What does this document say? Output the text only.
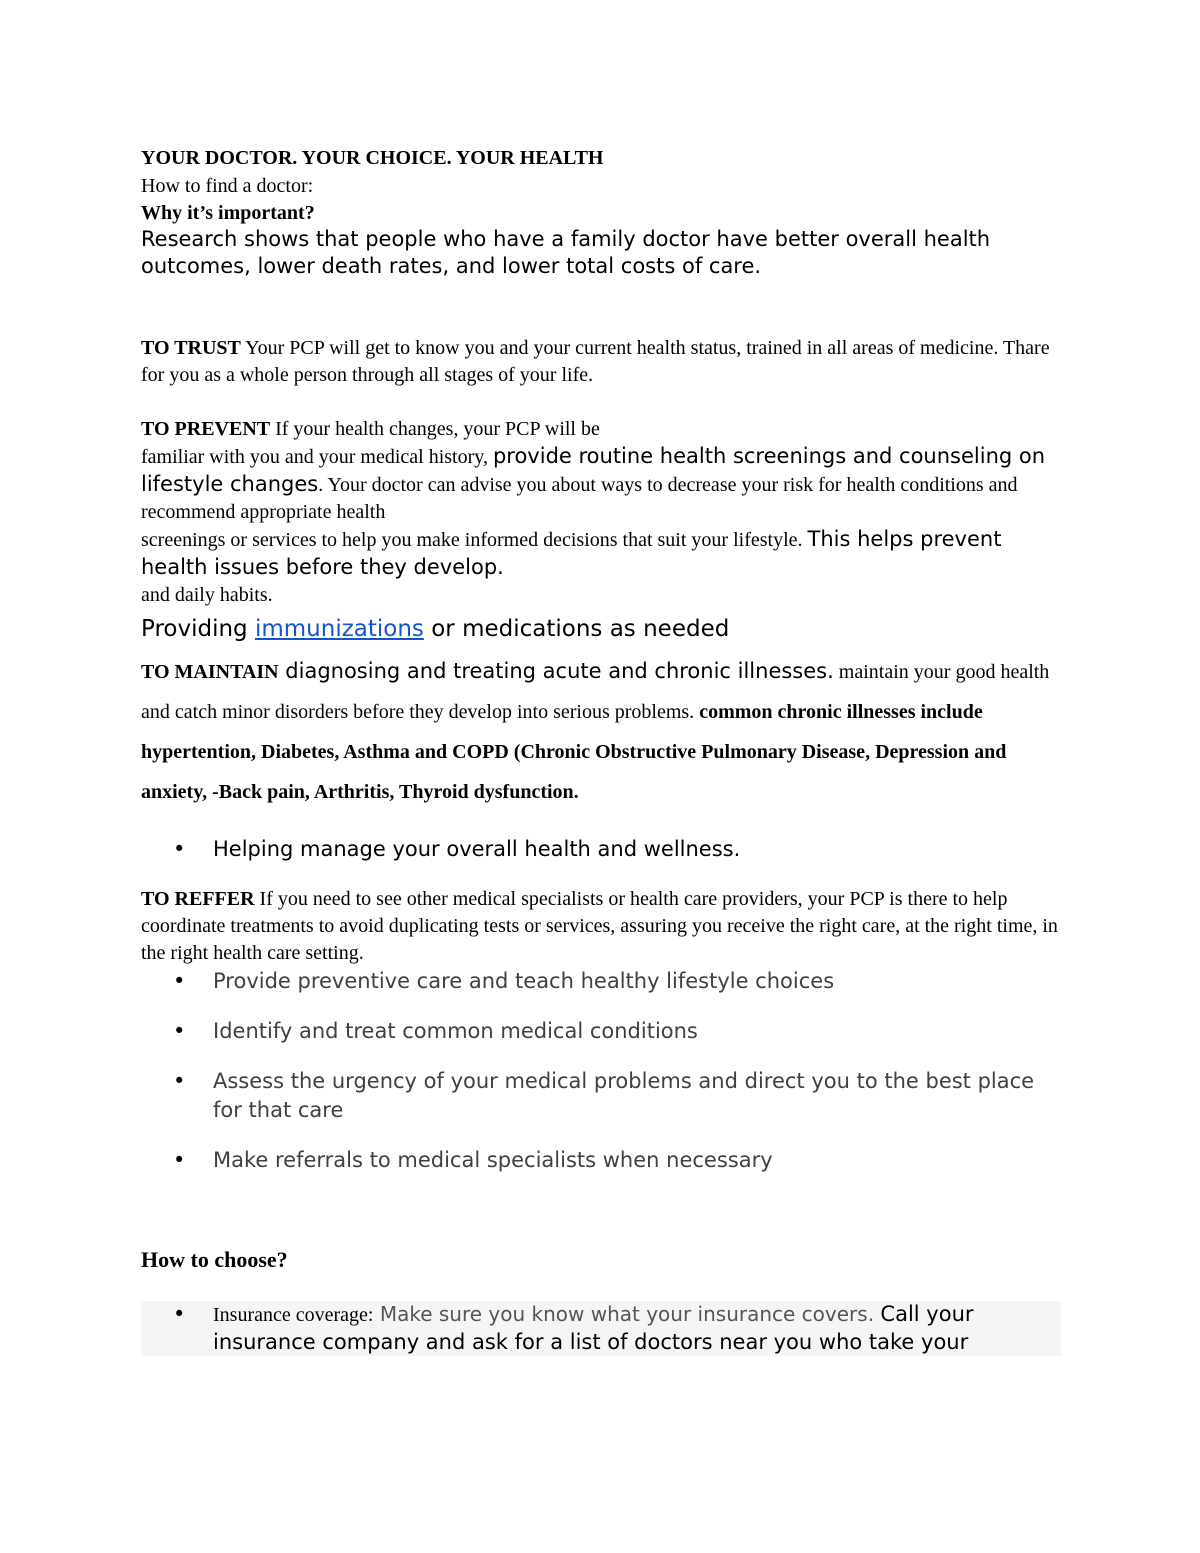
YOUR DOCTOR. YOUR CHOICE. YOUR HEALTH

How to find a doctor:

Why it’s important?

Research shows that people who have a family doctor have better overall health outcomes, lower death rates, and lower total costs of care.

TO TRUST Your PCP will get to know you and your current health status, trained in all areas of medicine. Thare for you as a whole person through all stages of your life.

TO PREVENT If your health changes, your PCP will be
familiar with you and your medical history, provide routine health screenings and counseling on lifestyle changes. Your doctor can advise you about ways to decrease your risk for health conditions and recommend appropriate health
screenings or services to help you make informed decisions that suit your lifestyle. This helps prevent health issues before they develop.
and daily habits.

Providing immunizations or medications as needed

TO MAINTAIN diagnosing and treating acute and chronic illnesses. maintain your good health and catch minor disorders before they develop into serious problems. common chronic illnesses include hypertention, Diabetes, Asthma and COPD (Chronic Obstructive Pulmonary Disease, Depression and anxiety, -Back pain, Arthritis, Thyroid dysfunction.

• Helping manage your overall health and wellness.

TO REFFER If you need to see other medical specialists or health care providers, your PCP is there to help coordinate treatments to avoid duplicating tests or services, assuring you receive the right care, at the right time, in the right health care setting.

• Provide preventive care and teach healthy lifestyle choices
• Identify and treat common medical conditions
• Assess the urgency of your medical problems and direct you to the best place for that care
• Make referrals to medical specialists when necessary

How to choose?

• Insurance coverage: Make sure you know what your insurance covers. Call your insurance company and ask for a list of doctors near you who take your
